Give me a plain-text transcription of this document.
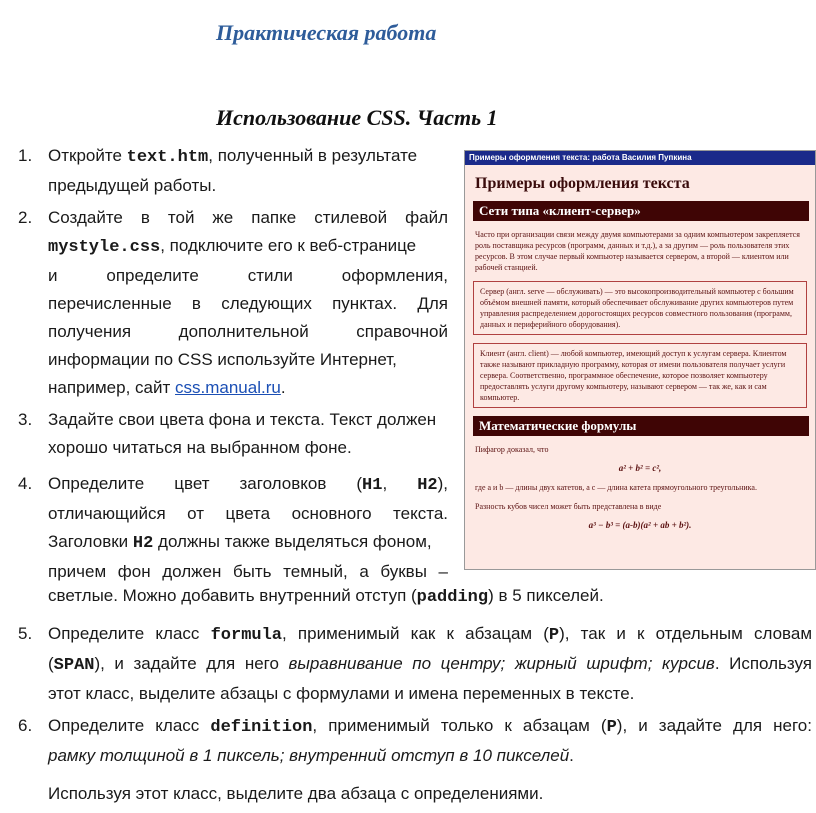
Практическая работа
Использование CSS. Часть 1
1. Откройте text.htm, полученный в результате
предыдущей работы.
2. Создайте в той же папке стилевой файл
mystyle.css, подключите его к веб-странице
и определите стили оформления,
перечисленные в следующих пунктах. Для
получения дополнительной справочной
информации по CSS используйте Интернет,
например, сайт css.manual.ru.
3. Задайте свои цвета фона и текста. Текст должен
хорошо читаться на выбранном фоне.
4. Определите цвет заголовков (H1, H2),
отличающийся от цвета основного текста.
Заголовки H2 должны также выделяться фоном,
причем фон должен быть темный, а буквы –
светлые. Можно добавить внутренний отступ (padding) в 5 пикселей.
5. Определите класс formula, применимый как к абзацам (P), так и к отдельным словам
(SPAN), и задайте для него выравнивание по центру; жирный шрифт; курсив. Используя
этот класс, выделите абзацы с формулами и имена переменных в тексте.
6. Определите класс definition, применимый только к абзацам (P), и задайте для него:
рамку толщиной в 1 пиксель; внутренний отступ в 10 пикселей.
Используя этот класс, выделите два абзаца с определениями.
Примеры оформления текста: работа Василия Пупкина
Примеры оформления текста
Сети типа «клиент-сервер»

Часто при организации связи между двумя компьютерами за одним компьютером закрепляется роль поставщика ресурсов (программ, данных и т.д.), а за другим — роль пользователя этих ресурсов. В этом случае первый компьютер называется сервером, а второй — клиентом или рабочей станцией.

Сервер (англ. serve — обслуживать) — это высокопроизводительный компьютер с большим объёмом внешней памяти, который обеспечивает обслуживание других компьютеров путем управления распределением дорогостоящих ресурсов совместного пользования (программ, данных и периферийного оборудования).
Клиент (англ. client) — любой компьютер, имеющий доступ к услугам сервера. Клиентом также называют прикладную программу, которая от имени пользователя получает услуги сервера. Соответственно, программное обеспечение, которое позволяет компьютеру предоставлять услуги другому компьютеру, называют сервером — так же, как и сам компьютер.
Математические формулы

Пифагор доказал, что

a² + b² = c²,

где a и b — длины двух катетов, а c — длина катета прямоугольного треугольника.

Разность кубов чисел может быть представлена в виде

a³ − b³ = (a-b)(a² + ab + b²).
